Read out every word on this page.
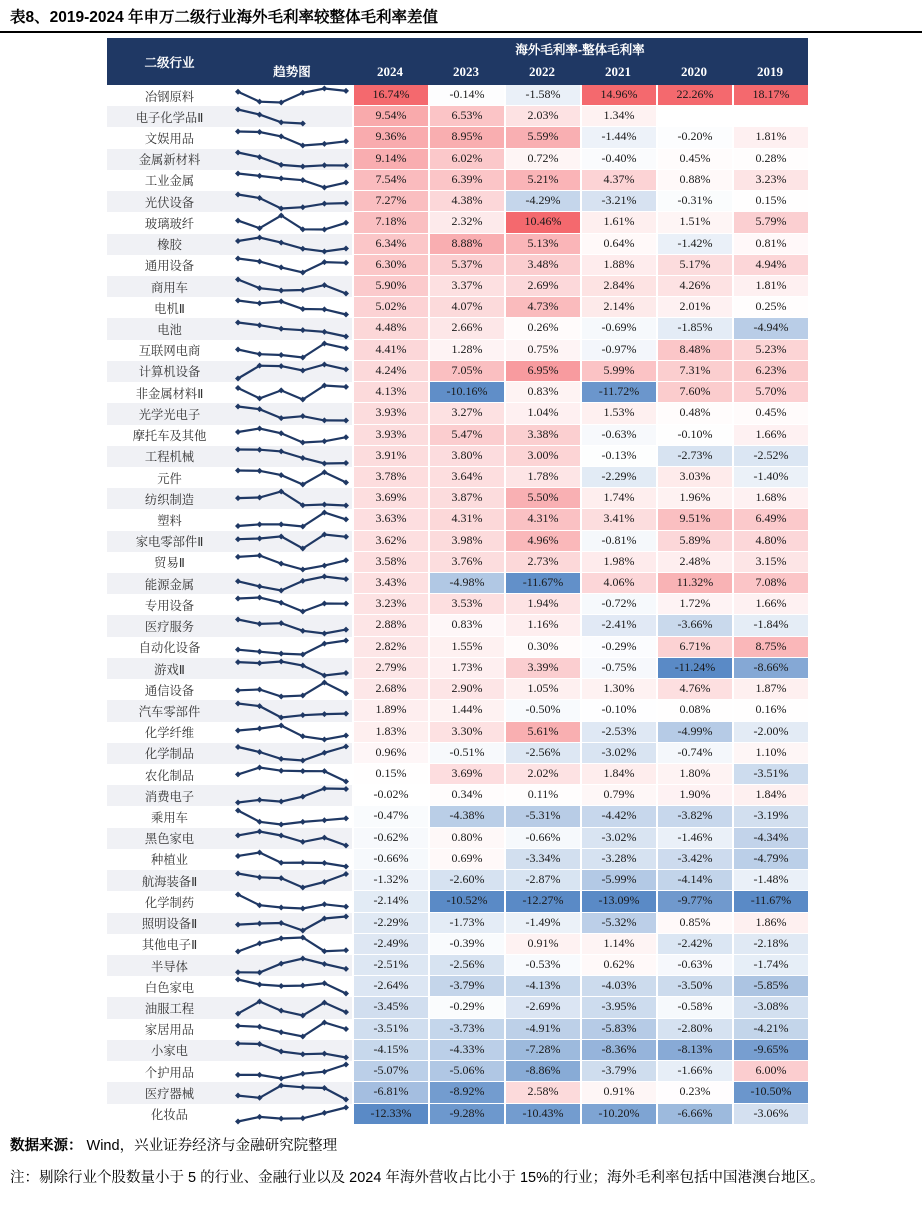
表8、2019-2024 年申万二级行业海外毛利率较整体毛利率差值
二级行业
趋势图
海外毛利率-整体毛利率
2024	2023	2022	2021	2020	2019
冶钢原料	16.74%	-0.14%	-1.58%	14.96%	22.26%	18.17%
电子化学品Ⅱ	9.54%	6.53%	2.03%	1.34%
文娱用品	9.36%	8.95%	5.59%	-1.44%	-0.20%	1.81%
金属新材料	9.14%	6.02%	0.72%	-0.40%	0.45%	0.28%
工业金属	7.54%	6.39%	5.21%	4.37%	0.88%	3.23%
光伏设备	7.27%	4.38%	-4.29%	-3.21%	-0.31%	0.15%
玻璃玻纤	7.18%	2.32%	10.46%	1.61%	1.51%	5.79%
橡胶	6.34%	8.88%	5.13%	0.64%	-1.42%	0.81%
通用设备	6.30%	5.37%	3.48%	1.88%	5.17%	4.94%
商用车	5.90%	3.37%	2.69%	2.84%	4.26%	1.81%
电机Ⅱ	5.02%	4.07%	4.73%	2.14%	2.01%	0.25%
电池	4.48%	2.66%	0.26%	-0.69%	-1.85%	-4.94%
互联网电商	4.41%	1.28%	0.75%	-0.97%	8.48%	5.23%
计算机设备	4.24%	7.05%	6.95%	5.99%	7.31%	6.23%
非金属材料Ⅱ	4.13%	-10.16%	0.83%	-11.72%	7.60%	5.70%
光学光电子	3.93%	3.27%	1.04%	1.53%	0.48%	0.45%
摩托车及其他	3.93%	5.47%	3.38%	-0.63%	-0.10%	1.66%
工程机械	3.91%	3.80%	3.00%	-0.13%	-2.73%	-2.52%
元件	3.78%	3.64%	1.78%	-2.29%	3.03%	-1.40%
纺织制造	3.69%	3.87%	5.50%	1.74%	1.96%	1.68%
塑料	3.63%	4.31%	4.31%	3.41%	9.51%	6.49%
家电零部件Ⅱ	3.62%	3.98%	4.96%	-0.81%	5.89%	4.80%
贸易Ⅱ	3.58%	3.76%	2.73%	1.98%	2.48%	3.15%
能源金属	3.43%	-4.98%	-11.67%	4.06%	11.32%	7.08%
专用设备	3.23%	3.53%	1.94%	-0.72%	1.72%	1.66%
医疗服务	2.88%	0.83%	1.16%	-2.41%	-3.66%	-1.84%
自动化设备	2.82%	1.55%	0.30%	-0.29%	6.71%	8.75%
游戏Ⅱ	2.79%	1.73%	3.39%	-0.75%	-11.24%	-8.66%
通信设备	2.68%	2.90%	1.05%	1.30%	4.76%	1.87%
汽车零部件	1.89%	1.44%	-0.50%	-0.10%	0.08%	0.16%
化学纤维	1.83%	3.30%	5.61%	-2.53%	-4.99%	-2.00%
化学制品	0.96%	-0.51%	-2.56%	-3.02%	-0.74%	1.10%
农化制品	0.15%	3.69%	2.02%	1.84%	1.80%	-3.51%
消费电子	-0.02%	0.34%	0.11%	0.79%	1.90%	1.84%
乘用车	-0.47%	-4.38%	-5.31%	-4.42%	-3.82%	-3.19%
黑色家电	-0.62%	0.80%	-0.66%	-3.02%	-1.46%	-4.34%
种植业	-0.66%	0.69%	-3.34%	-3.28%	-3.42%	-4.79%
航海装备Ⅱ	-1.32%	-2.60%	-2.87%	-5.99%	-4.14%	-1.48%
化学制药	-2.14%	-10.52%	-12.27%	-13.09%	-9.77%	-11.67%
照明设备Ⅱ	-2.29%	-1.73%	-1.49%	-5.32%	0.85%	1.86%
其他电子Ⅱ	-2.49%	-0.39%	0.91%	1.14%	-2.42%	-2.18%
半导体	-2.51%	-2.56%	-0.53%	0.62%	-0.63%	-1.74%
白色家电	-2.64%	-3.79%	-4.13%	-4.03%	-3.50%	-5.85%
油服工程	-3.45%	-0.29%	-2.69%	-3.95%	-0.58%	-3.08%
家居用品	-3.51%	-3.73%	-4.91%	-5.83%	-2.80%	-4.21%
小家电	-4.15%	-4.33%	-7.28%	-8.36%	-8.13%	-9.65%
个护用品	-5.07%	-5.06%	-8.86%	-3.79%	-1.66%	6.00%
医疗器械	-6.81%	-8.92%	2.58%	0.91%	0.23%	-10.50%
化妆品	-12.33%	-9.28%	-10.43%	-10.20%	-6.66%	-3.06%
数据来源： Wind，兴业证券经济与金融研究院整理
注：剔除行业个股数量小于 5 的行业、金融行业以及 2024 年海外营收占比小于 15%的行业；海外毛利率包括中国港澳台地区。
